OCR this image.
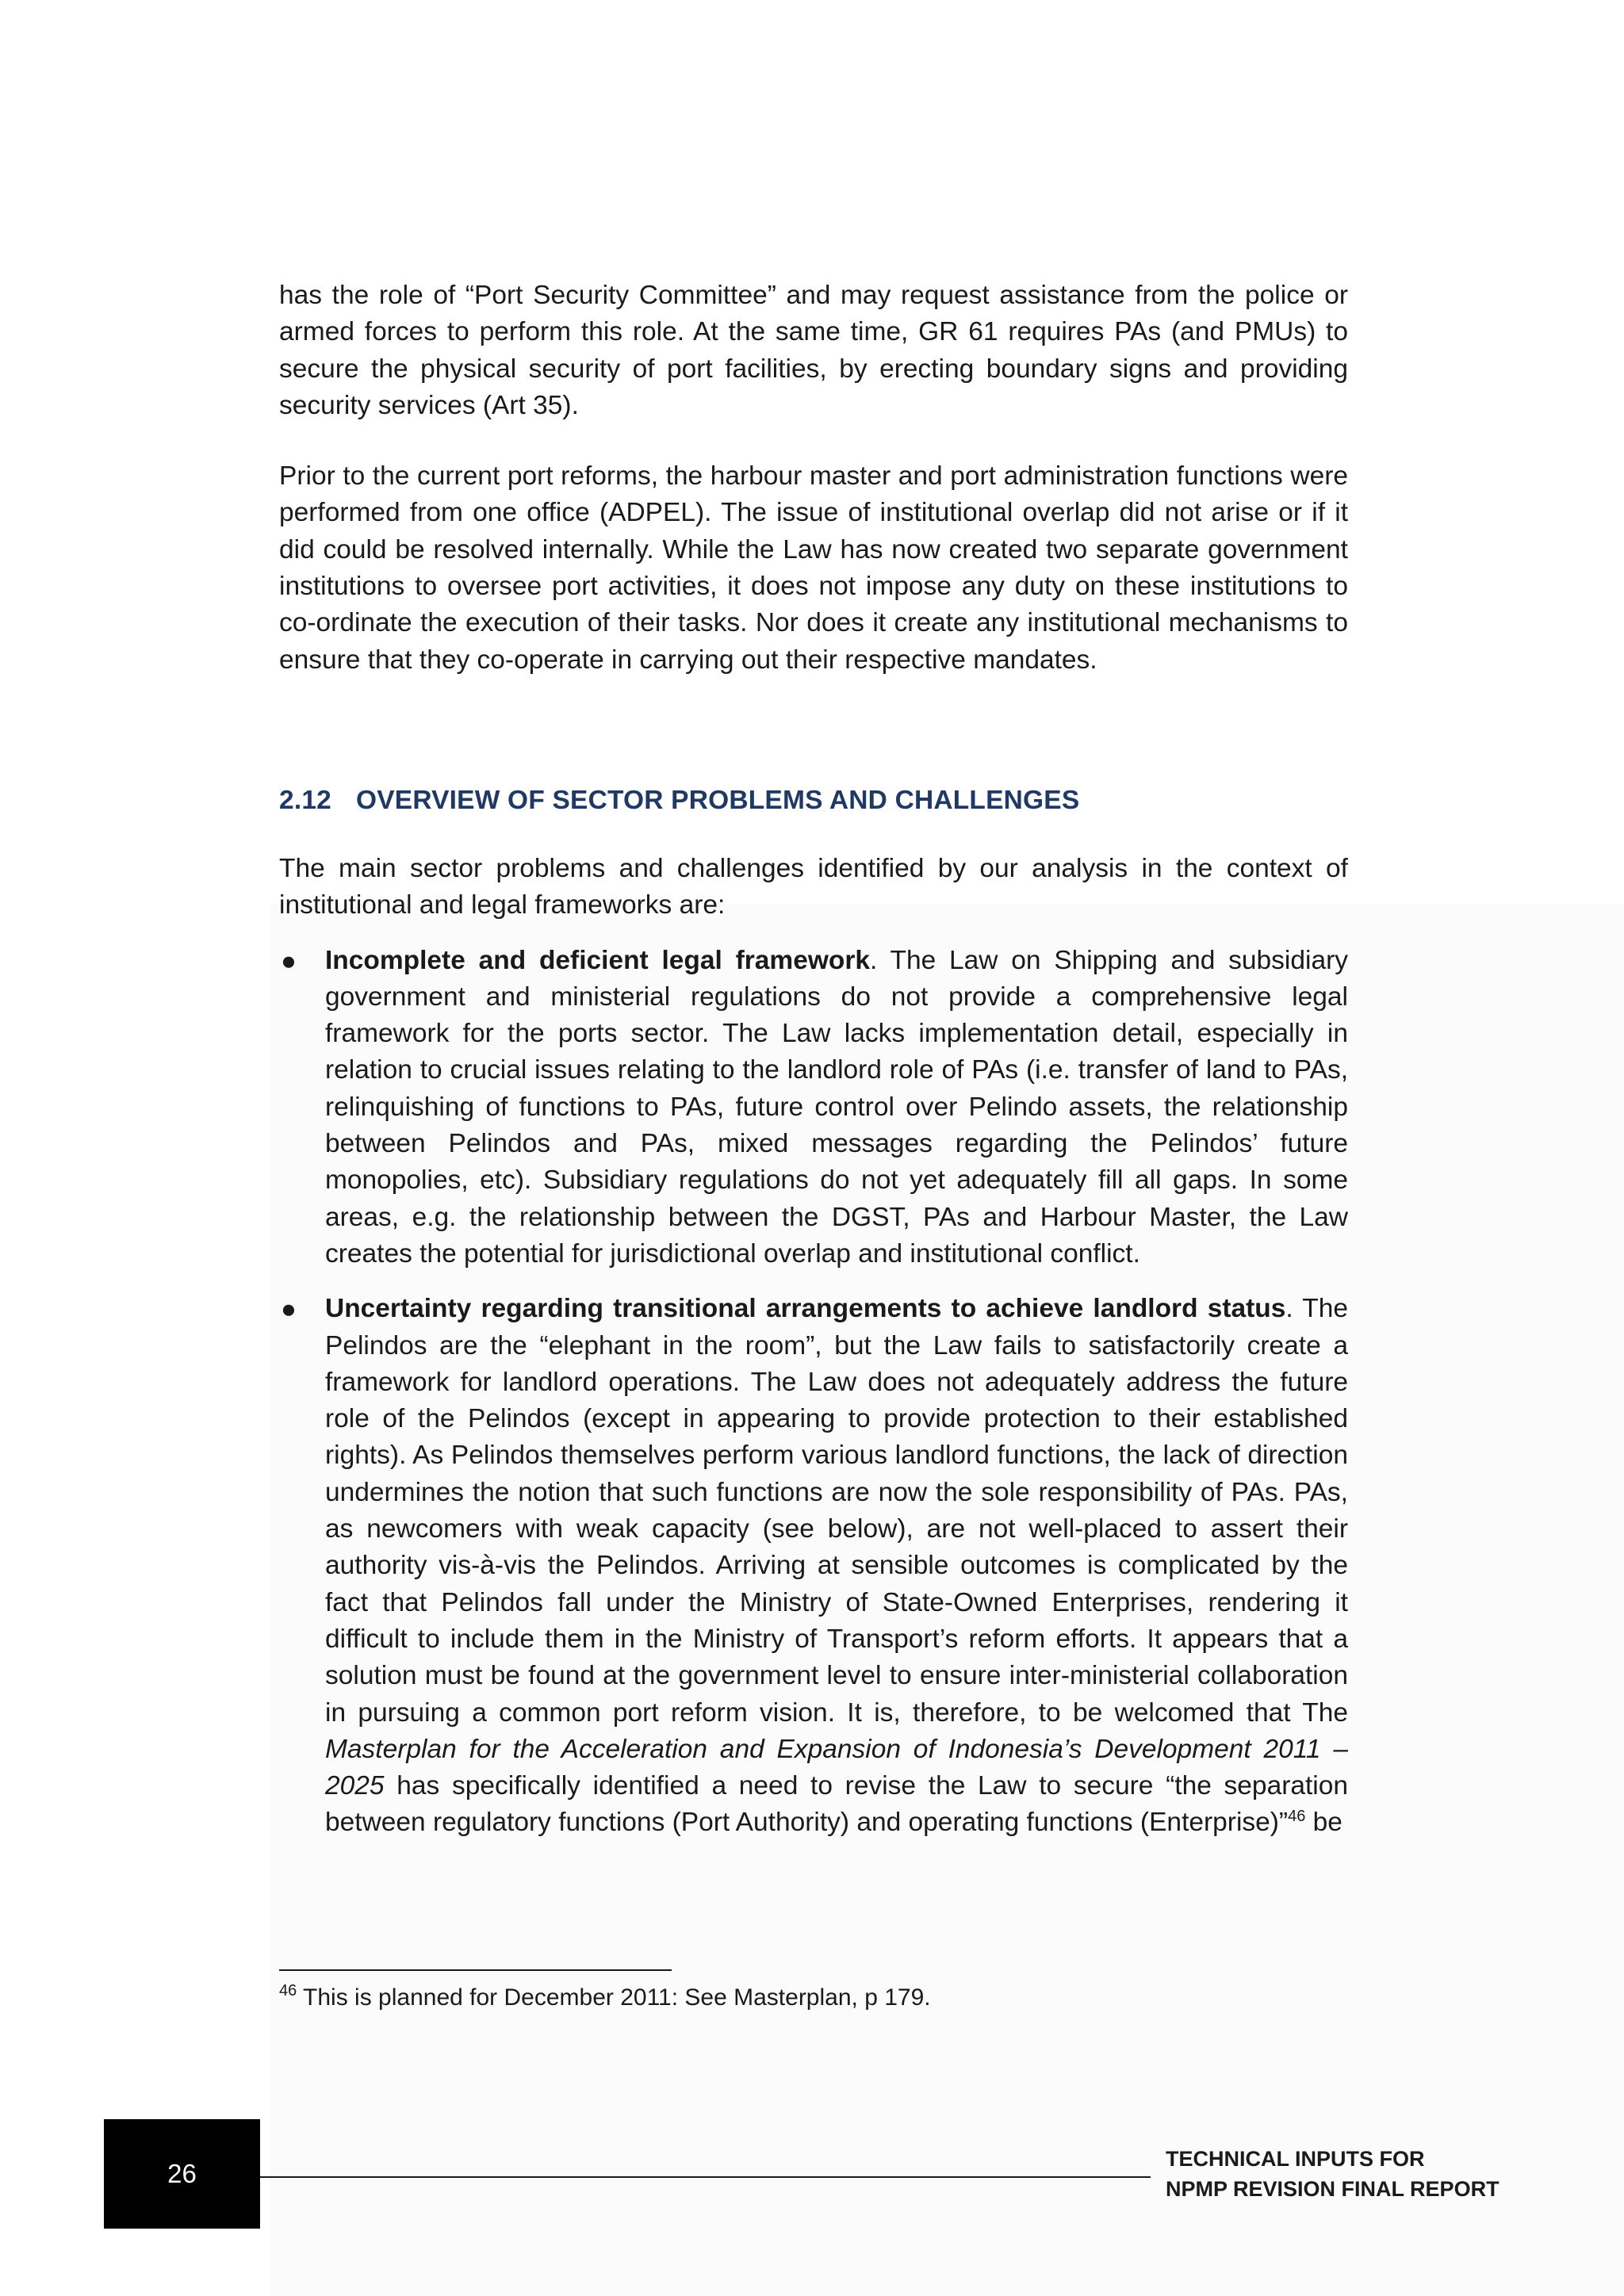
has the role of “Port Security Committee” and may request assistance from the police or armed forces to perform this role. At the same time, GR 61 requires PAs (and PMUs) to secure the physical security of port facilities, by erecting boundary signs and providing security services (Art 35).

Prior to the current port reforms, the harbour master and port administration functions were performed from one office (ADPEL). The issue of institutional overlap did not arise or if it did could be resolved internally. While the Law has now created two separate government institutions to oversee port activities, it does not impose any duty on these institutions to co-ordinate the execution of their tasks. Nor does it create any institutional mechanisms to ensure that they co-operate in carrying out their respective mandates.

2.12 OVERVIEW OF SECTOR PROBLEMS AND CHALLENGES

The main sector problems and challenges identified by our analysis in the context of institutional and legal frameworks are:

● Incomplete and deficient legal framework. The Law on Shipping and subsidiary government and ministerial regulations do not provide a comprehensive legal framework for the ports sector. The Law lacks implementation detail, especially in relation to crucial issues relating to the landlord role of PAs (i.e. transfer of land to PAs, relinquishing of functions to PAs, future control over Pelindo assets, the relationship between Pelindos and PAs, mixed messages regarding the Pelindos’ future monopolies, etc). Subsidiary regulations do not yet adequately fill all gaps. In some areas, e.g. the relationship between the DGST, PAs and Harbour Master, the Law creates the potential for jurisdictional overlap and institutional conflict.
● Uncertainty regarding transitional arrangements to achieve landlord status. The Pelindos are the “elephant in the room”, but the Law fails to satisfactorily create a framework for landlord operations. The Law does not adequately address the future role of the Pelindos (except in appearing to provide protection to their established rights). As Pelindos themselves perform various landlord functions, the lack of direction undermines the notion that such functions are now the sole responsibility of PAs. PAs, as newcomers with weak capacity (see below), are not well-placed to assert their authority vis-à-vis the Pelindos. Arriving at sensible outcomes is complicated by the fact that Pelindos fall under the Ministry of State-Owned Enterprises, rendering it difficult to include them in the Ministry of Transport’s reform efforts. It appears that a solution must be found at the government level to ensure inter-ministerial collaboration in pursuing a common port reform vision. It is, therefore, to be welcomed that The Masterplan for the Acceleration and Expansion of Indonesia’s Development 2011 – 2025 has specifically identified a need to revise the Law to secure “the separation between regulatory functions (Port Authority) and operating functions (Enterprise)”$^{46}$ be
$^{46}$ This is planned for December 2011: See Masterplan, p 179.
26	TECHNICAL INPUTS FOR
NPMP REVISION FINAL REPORT
